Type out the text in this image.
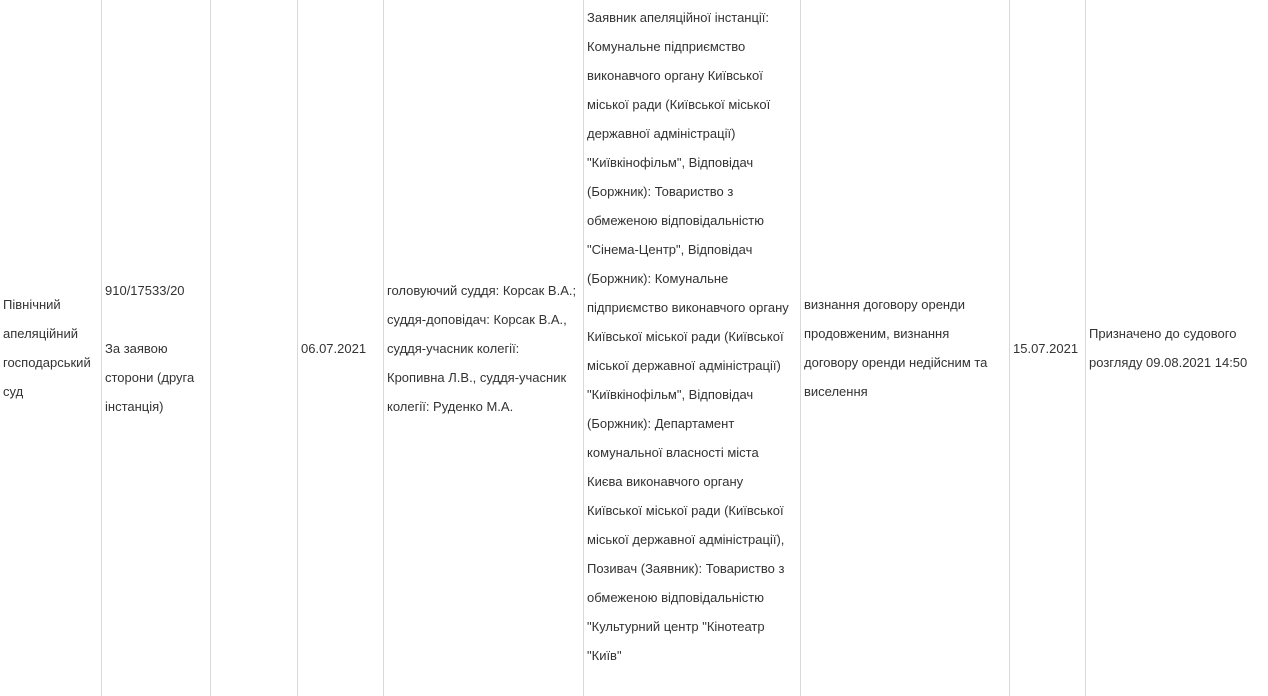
Північний апеляційний господарський суд
910/17533/20
За заявою сторони (друга інстанція)
06.07.2021
головуючий суддя: Корсак В.А.; суддя-доповідач: Корсак В.А., суддя-учасник колегії: Кропивна Л.В., суддя-учасник колегії: Руденко М.А.
Заявник апеляційної інстанції: Комунальне підприємство виконавчого органу Київської міської ради (Київської міської державної адміністрації) "Київкінофільм", Відповідач (Боржник): Товариство з обмеженою відповідальністю "Сінема-Центр", Відповідач (Боржник): Комунальне підприємство виконавчого органу Київської міської ради (Київської міської державної адміністрації) "Київкінофільм", Відповідач (Боржник): Департамент комунальної власності міста Києва виконавчого органу Київської міської ради (Київської міської державної адміністрації), Позивач (Заявник): Товариство з обмеженою відповідальністю "Культурний центр "Кінотеатр "Київ"
визнання договору оренди продовженим, визнання договору оренди недійсним та виселення
15.07.2021
Призначено до судового розгляду 09.08.2021 14:50
